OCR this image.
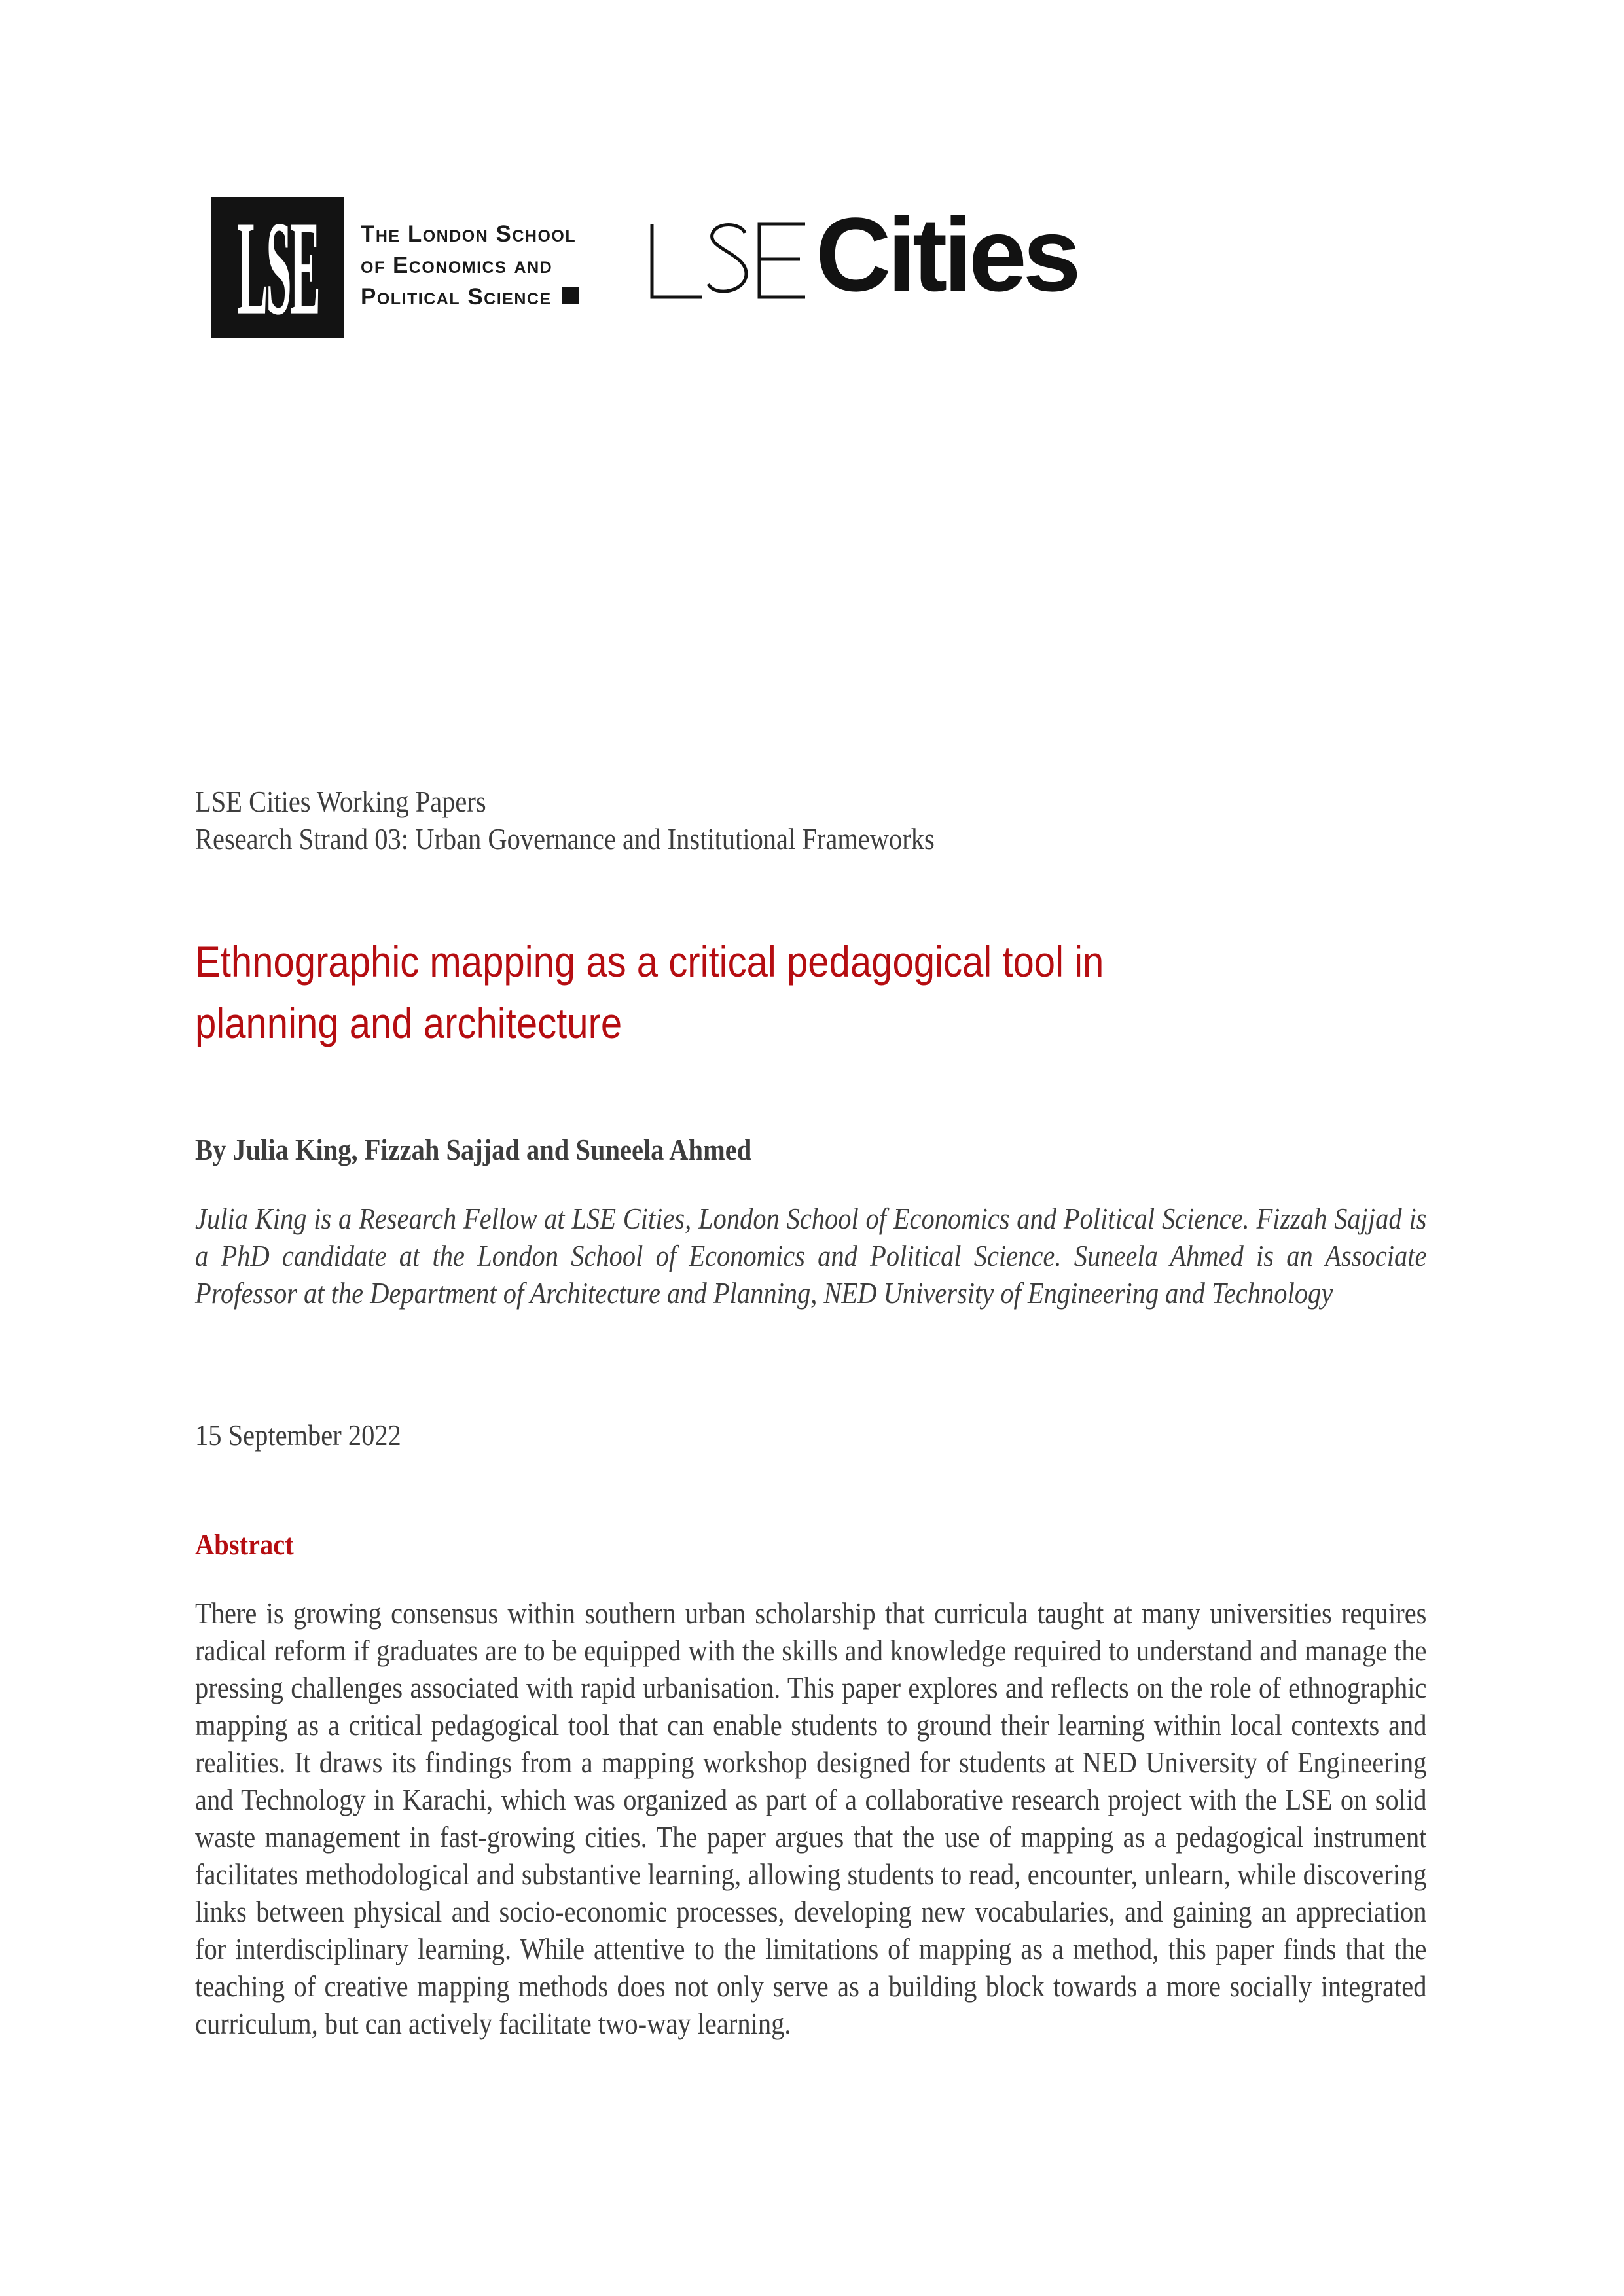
LSE The London School
of Economics and
Political Science	Cities
LSE Cities Working Papers
Research Strand 03: Urban Governance and Institutional Frameworks
Ethnographic mapping as a critical pedagogical tool in
planning and architecture
By Julia King, Fizzah Sajjad and Suneela Ahmed
Julia King is a Research Fellow at LSE Cities, London School of Economics and Political Science. Fizzah Sajjad is a PhD candidate at the London School of Economics and Political Science. Suneela Ahmed is an Associate Professor at the Department of Architecture and Planning, NED University of Engineering and Technology
15 September 2022
Abstract
There is growing consensus within southern urban scholarship that curricula taught at many universities requires radical reform if graduates are to be equipped with the skills and knowledge required to understand and manage the pressing challenges associated with rapid urbanisation. This paper explores and reflects on the role of ethnographic mapping as a critical pedagogical tool that can enable students to ground their learning within local contexts and realities. It draws its findings from a mapping workshop designed for students at NED University of Engineering and Technology in Karachi, which was organized as part of a collaborative research project with the LSE on solid waste management in fast-growing cities. The paper argues that the use of mapping as a pedagogical instrument facilitates methodological and substantive learning, allowing students to read, encounter, unlearn, while discovering links between physical and socio-economic processes, developing new vocabularies, and gaining an appreciation for interdisciplinary learning. While attentive to the limitations of mapping as a method, this paper finds that the teaching of creative mapping methods does not only serve as a building block towards a more socially integrated curriculum, but can actively facilitate two-way learning.
